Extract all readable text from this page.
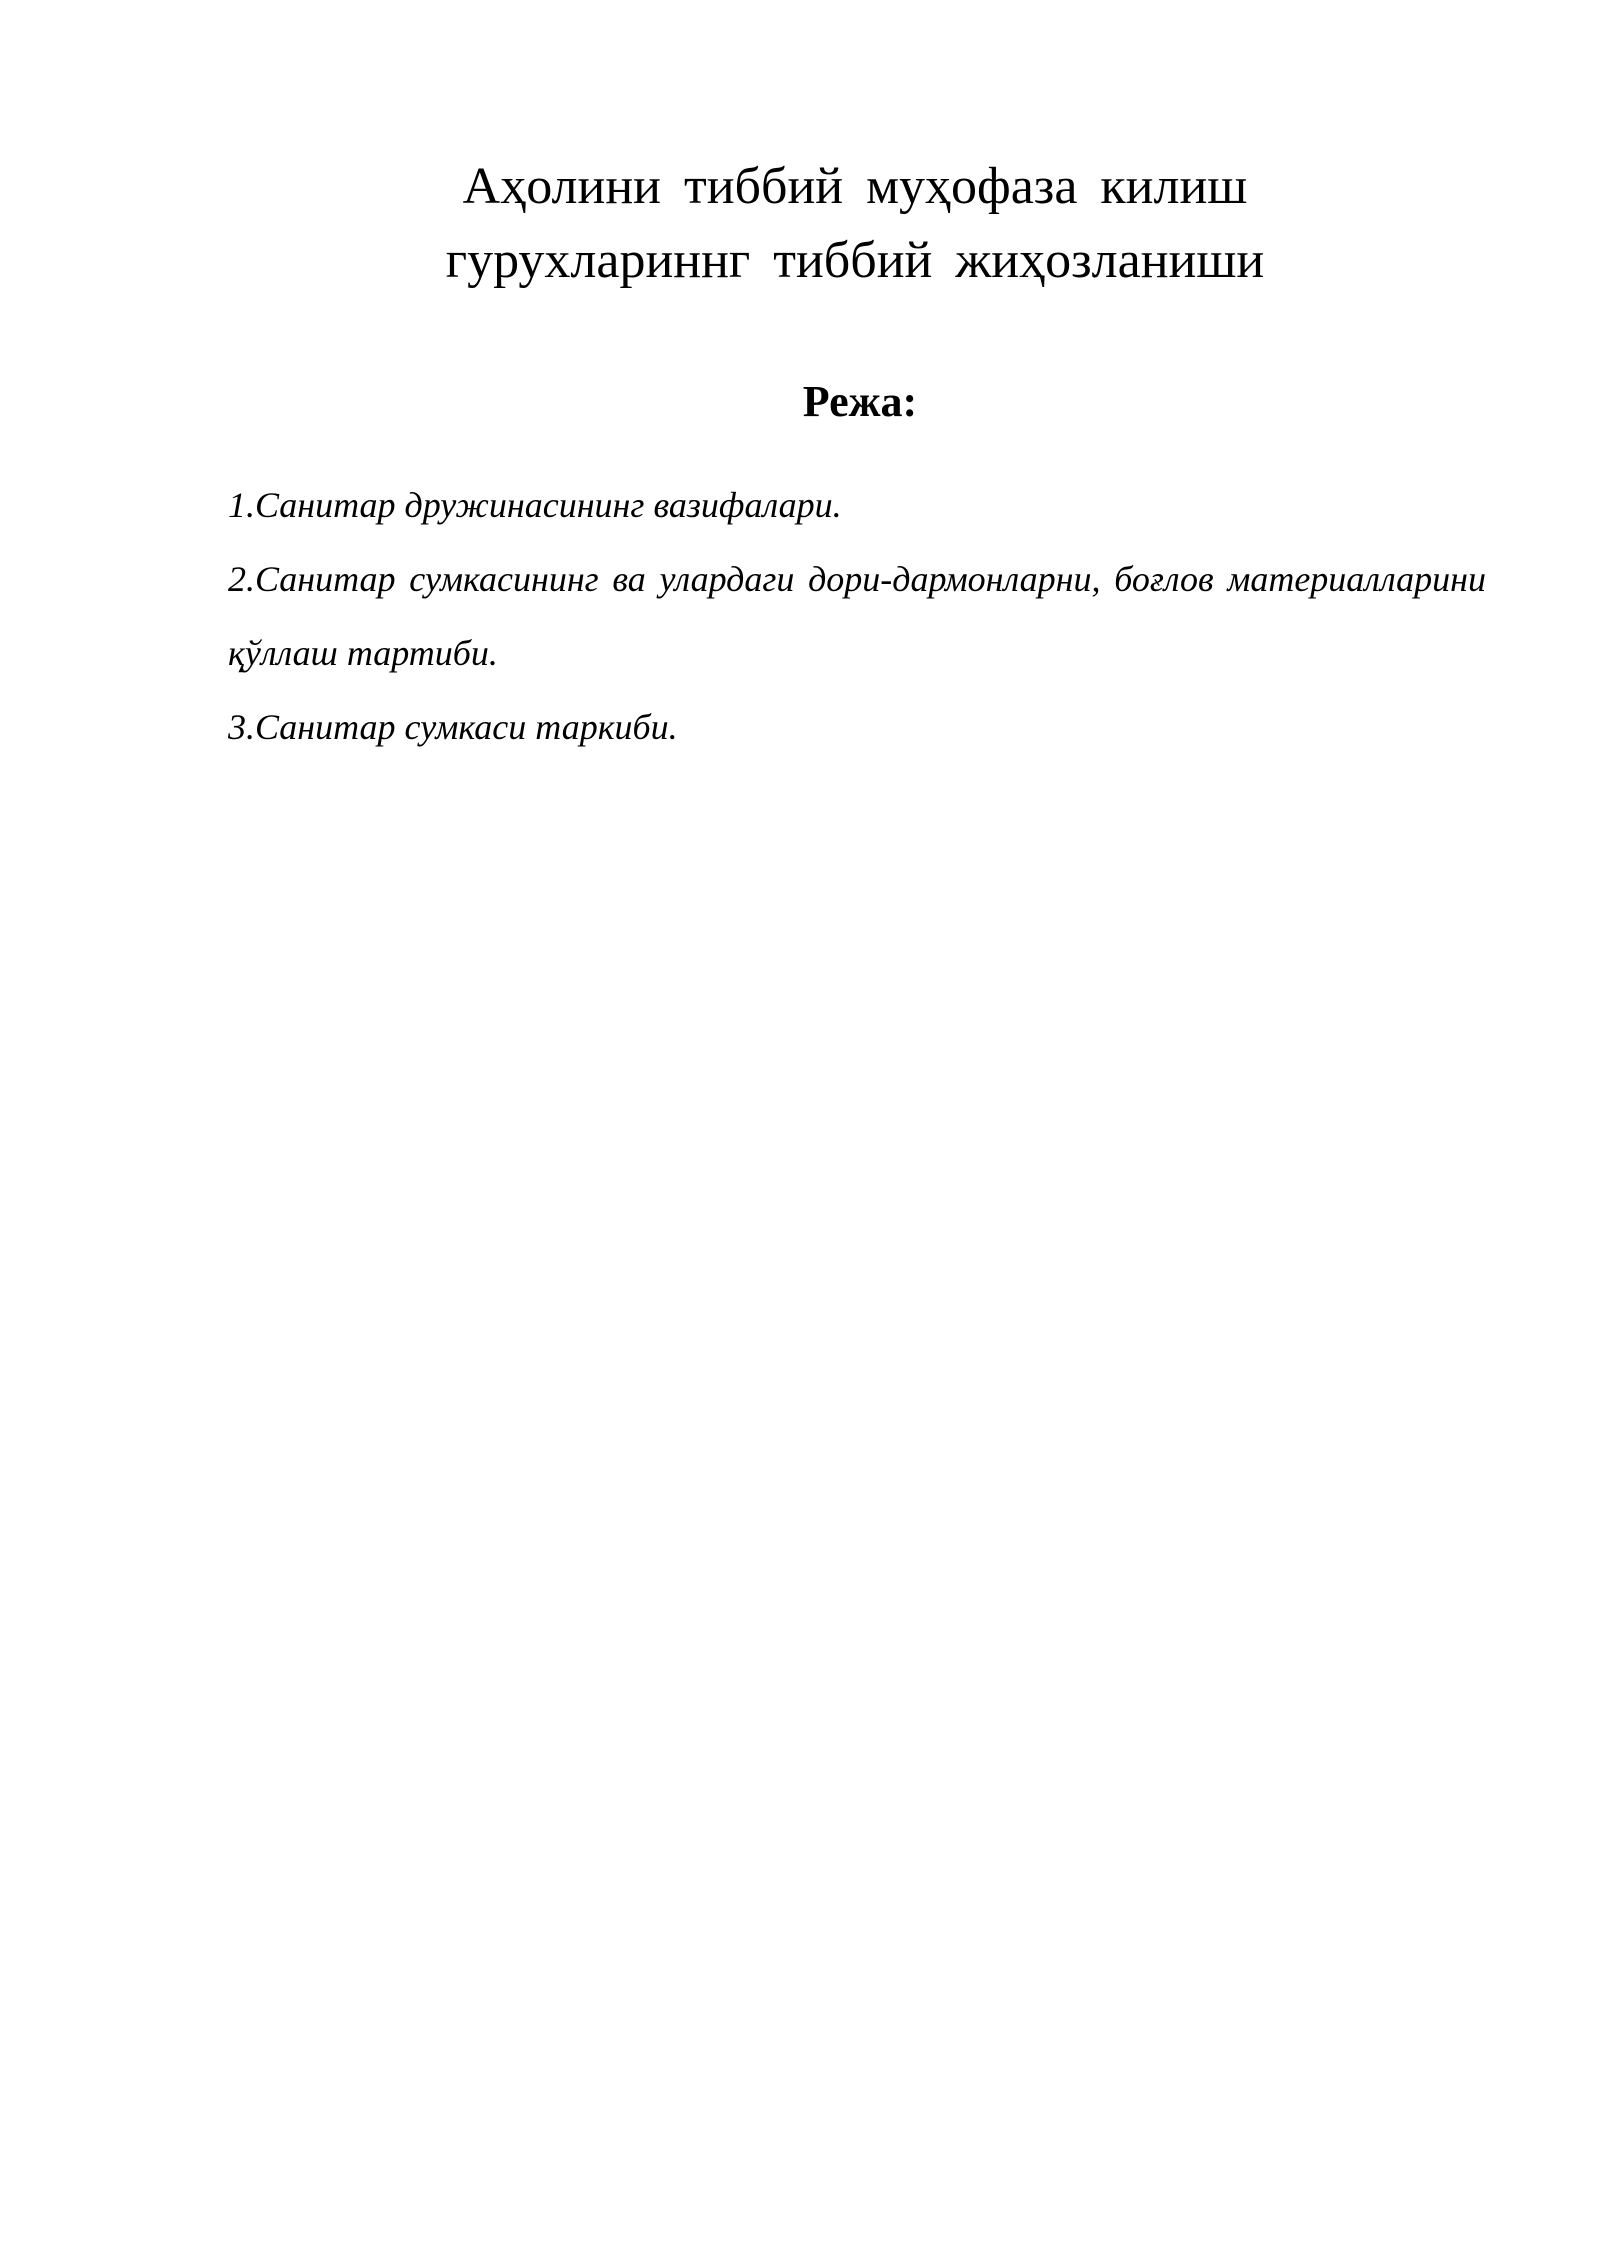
Аҳолини тиббий муҳофаза килиш
гурухлариннг тиббий жиҳозланиши
Режа:
1.Санитар дружинасининг вазифалари.
2.Санитар сумкасининг ва улардаги дори-дармонларни, боғлов материалларини қўллаш тартиби.
3.Санитар сумкаси таркиби.
